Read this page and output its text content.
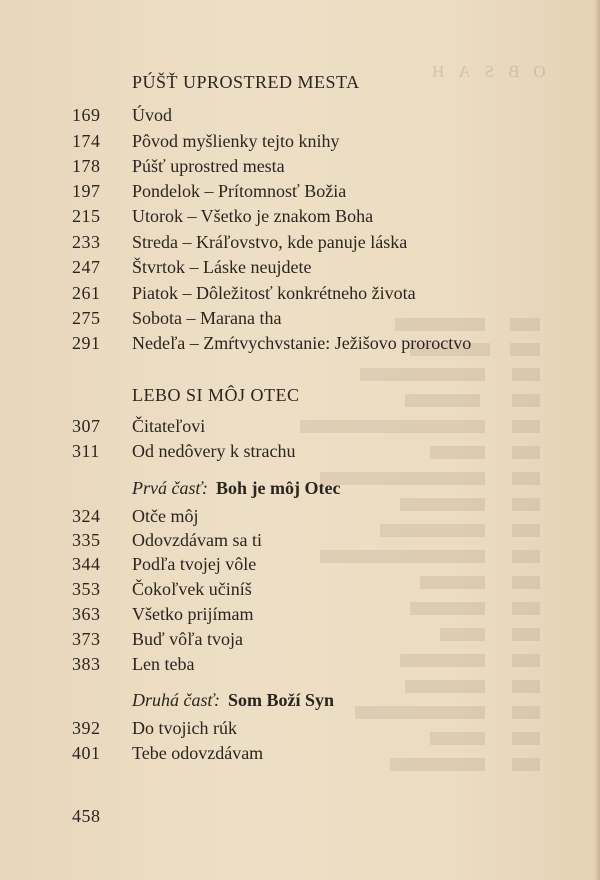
OBSAH
PÚŠŤ UPROSTRED MESTA
169	Úvod
174	Pôvod myšlienky tejto knihy
178	Púšť uprostred mesta
197	Pondelok – Prítomnosť Božia
215	Utorok – Všetko je znakom Boha
233	Streda – Kráľovstvo, kde panuje láska
247	Štvrtok – Láske neujdete
261	Piatok – Dôležitosť konkrétneho života
275	Sobota – Marana tha
291	Nedeľa – Zmŕtvychvstanie: Ježišovo proroctvo
LEBO SI MÔJ OTEC
307	Čitateľovi
311	Od nedôvery k strachu
Prvá časť: Boh je môj Otec
324	Otče môj
335	Odovzdávam sa ti
344	Podľa tvojej vôle
353	Čokoľvek učiníš
363	Všetko prijímam
373	Buď vôľa tvoja
383	Len teba
Druhá časť: Som Boží Syn
392	Do tvojich rúk
401	Tebe odovzdávam
458
